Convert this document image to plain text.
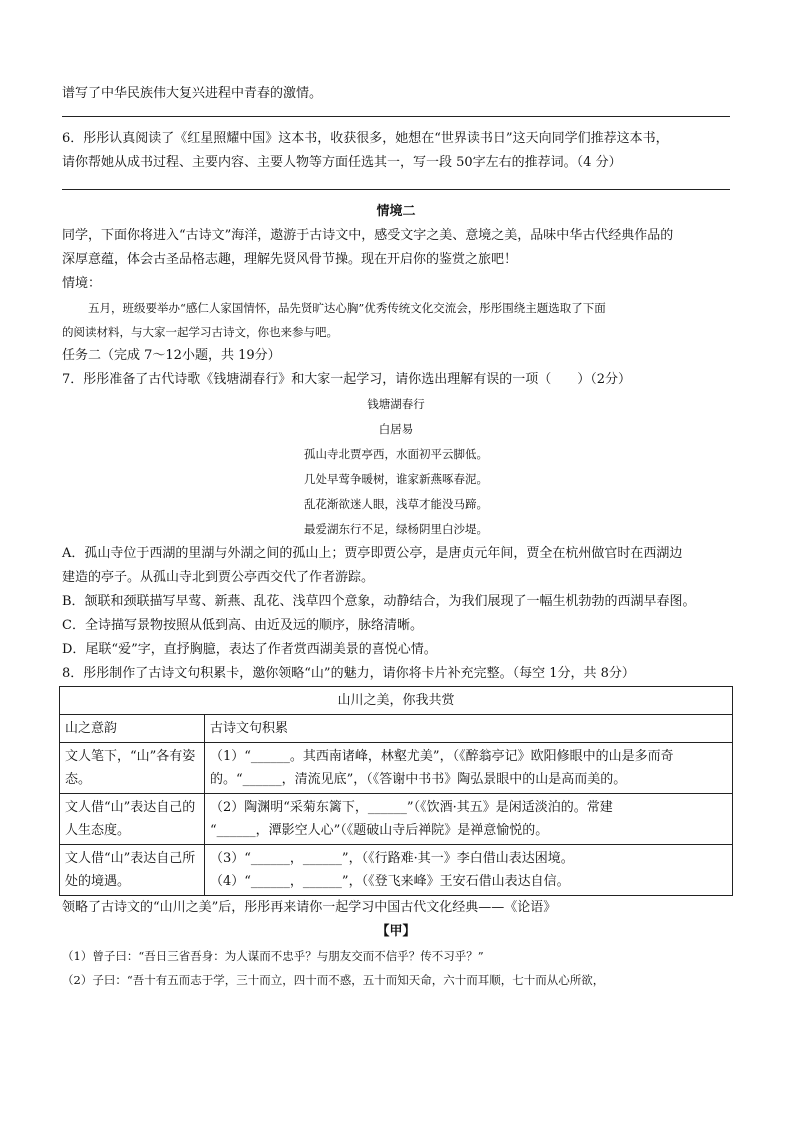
谱写了中华民族伟大复兴进程中青春的激情。
6．彤彤认真阅读了《红星照耀中国》这本书，收获很多，她想在“世界读书日”这天向同学们推荐这本书，
请你帮她从成书过程、主要内容、主要人物等方面任选其一，写一段 50字左右的推荐词。（4 分）
情境二
同学，下面你将进入“古诗文”海洋，遨游于古诗文中，感受文字之美、意境之美，品味中华古代经典作品的
深厚意蕴，体会古圣品格志趣，理解先贤风骨节操。现在开启你的鉴赏之旅吧！
情境：
五月，班级要举办“感仁人家国情怀，品先贤旷达心胸”优秀传统文化交流会，彤彤围绕主题选取了下面
的阅读材料，与大家一起学习古诗文，你也来参与吧。
任务二（完成 7～12小题，共 19分）
7．彤彤准备了古代诗歌《钱塘湖春行》和大家一起学习，请你选出理解有误的一项（　　）（2分）
钱塘湖春行
白居易
孤山寺北贾亭西，水面初平云脚低。
几处早莺争暖树，谁家新燕啄春泥。
乱花渐欲迷人眼，浅草才能没马蹄。
最爱湖东行不足，绿杨阴里白沙堤。
A．孤山寺位于西湖的里湖与外湖之间的孤山上；贾亭即贾公亭，是唐贞元年间，贾全在杭州做官时在西湖边
建造的亭子。从孤山寺北到贾公亭西交代了作者游踪。
B．颔联和颈联描写早莺、新燕、乱花、浅草四个意象，动静结合，为我们展现了一幅生机勃勃的西湖早春图。
C．全诗描写景物按照从低到高、由近及远的顺序，脉络清晰。
D．尾联“爱”字，直抒胸臆，表达了作者赏西湖美景的喜悦心情。
8．彤彤制作了古诗文句积累卡，邀你领略“山”的魅力，请你将卡片补充完整。（每空 1分，共 8分）
山川之美，你我共赏	
山之意韵	古诗文句积累
文人笔下，“山”各有姿态。	（1）“______。其西南诸峰，林壑尤美”，（《醉翁亭记》欧阳修眼中的山是多而奇
的。“______，清流见底”，（《答谢中书书》陶弘景眼中的山是高而美的。

文人借“山”表达自己的人生态度。	（2）陶渊明“采菊东篱下，______”（《饮酒·其五》是闲适淡泊的。常建
“______，潭影空人心”（《题破山寺后禅院》是禅意愉悦的。

文人借“山”表达自己所处的境遇。	（3）“______，______”，（《行路难·其一》李白借山表达困境。
（4）“______，______”，（《登飞来峰》王安石借山表达自信。
领略了古诗文的“山川之美”后，彤彤再来请你一起学习中国古代文化经典——《论语》
【甲】
（1）曾子曰：“吾日三省吾身：为人谋而不忠乎？与朋友交而不信乎？传不习乎？”
（2）子曰：“吾十有五而志于学，三十而立，四十而不惑，五十而知天命，六十而耳顺，七十而从心所欲，
